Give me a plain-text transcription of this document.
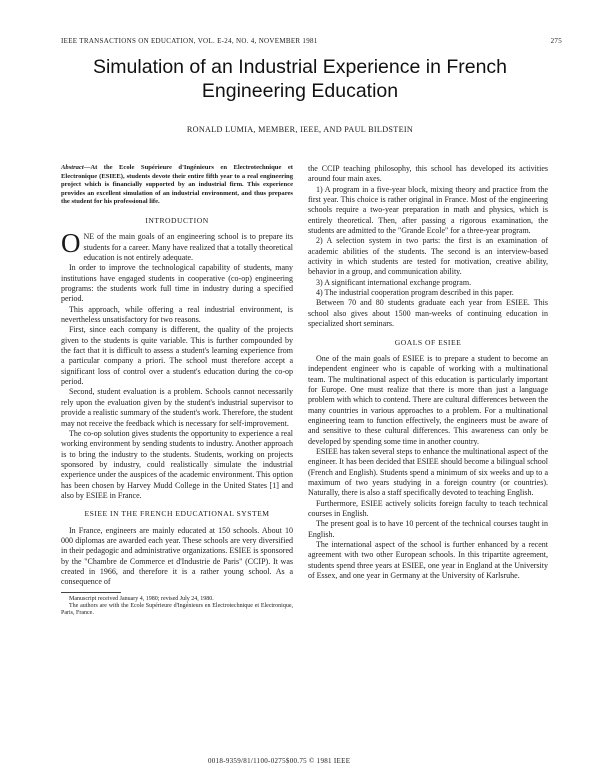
IEEE TRANSACTIONS ON EDUCATION, VOL. E-24, NO. 4, NOVEMBER 1981	275
Simulation of an Industrial Experience in French Engineering Education
RONALD LUMIA, MEMBER, IEEE, AND PAUL BILDSTEIN

Abstract—At the Ecole Supérieure d'Ingénieurs en Electrotechnique et Electronique (ESIEE), students devote their entire fifth year to a real engineering project which is financially supported by an industrial firm. This experience provides an excellent simulation of an industrial environment, and thus prepares the student for his professional life.

INTRODUCTION

ONE of the main goals of an engineering school is to prepare its students for a career. Many have realized that a totally theoretical education is not entirely adequate.

In order to improve the technological capability of students, many institutions have engaged students in cooperative (co-op) engineering programs: the students work full time in industry during a specified period.

This approach, while offering a real industrial environment, is nevertheless unsatisfactory for two reasons.

First, since each company is different, the quality of the projects given to the students is quite variable. This is further compounded by the fact that it is difficult to assess a student's learning experience from a particular company a priori. The school must therefore accept a significant loss of control over a student's education during the co-op period.

Second, student evaluation is a problem. Schools cannot necessarily rely upon the evaluation given by the student's industrial supervisor to provide a realistic summary of the student's work. Therefore, the student may not receive the feedback which is necessary for self-improvement.

The co-op solution gives students the opportunity to experience a real working environment by sending students to industry. Another approach is to bring the industry to the students. Students, working on projects sponsored by industry, could realistically simulate the industrial experience under the auspices of the academic environment. This option has been chosen by Harvey Mudd College in the United States [1] and also by ESIEE in France.

ESIEE IN THE FRENCH EDUCATIONAL SYSTEM

In France, engineers are mainly educated at 150 schools. About 10 000 diplomas are awarded each year. These schools are very diversified in their pedagogic and administrative organizations. ESIEE is sponsored by the "Chambre de Commerce et d'Industrie de Paris" (CCIP). It was created in 1966, and therefore it is a rather young school. As a consequence of

Manuscript received January 4, 1980; revised July 24, 1980.

The authors are with the Ecole Supérieure d'Ingénieurs en Electrotechnique et Electronique, Paris, France.

the CCIP teaching philosophy, this school has developed its activities around four main axes.

1) A program in a five-year block, mixing theory and practice from the first year. This choice is rather original in France. Most of the engineering schools require a two-year preparation in math and physics, which is entirely theoretical. Then, after passing a rigorous examination, the students are admitted to the "Grande Ecole" for a three-year program.

2) A selection system in two parts: the first is an examination of academic abilities of the students. The second is an interview-based activity in which students are tested for motivation, creative ability, behavior in a group, and communication ability.

3) A significant international exchange program.

4) The industrial cooperation program described in this paper.

Between 70 and 80 students graduate each year from ESIEE. This school also gives about 1500 man-weeks of continuing education in specialized short seminars.

GOALS OF ESIEE

One of the main goals of ESIEE is to prepare a student to become an independent engineer who is capable of working with a multinational team. The multinational aspect of this education is particularly important for Europe. One must realize that there is more than just a language problem with which to contend. There are cultural differences between the many countries in various approaches to a problem. For a multinational engineering team to function effectively, the engineers must be aware of and sensitive to these cultural differences. This awareness can only be developed by spending some time in another country.

ESIEE has taken several steps to enhance the multinational aspect of the engineer. It has been decided that ESIEE should become a bilingual school (French and English). Students spend a minimum of six weeks and up to a maximum of two years studying in a foreign country (or countries). Naturally, there is also a staff specifically devoted to teaching English.

Furthermore, ESIEE actively solicits foreign faculty to teach technical courses in English.

The present goal is to have 10 percent of the technical courses taught in English.

The international aspect of the school is further enhanced by a recent agreement with two other European schools. In this tripartite agreement, students spend three years at ESIEE, one year in England at the University of Essex, and one year in Germany at the University of Karlsruhe.

0018-9359/81/1100-0275$00.75 © 1981 IEEE
